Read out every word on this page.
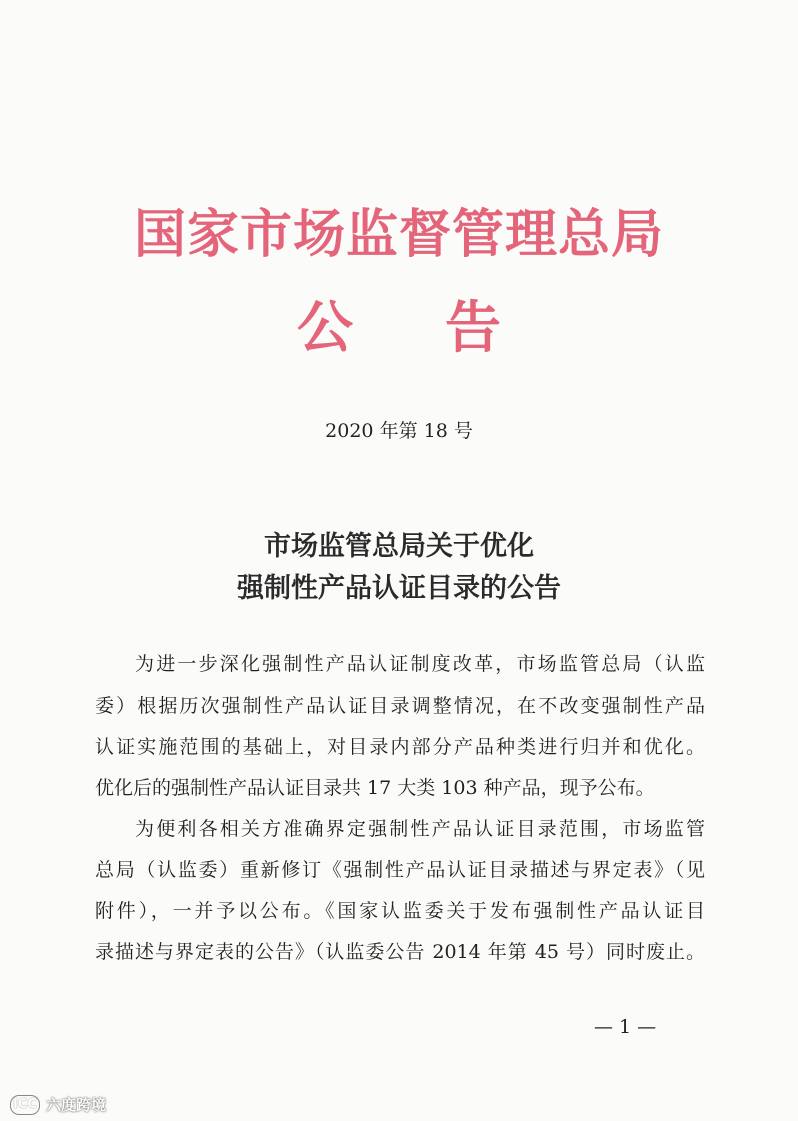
国家市场监督管理总局
公 告
2020 年第 18 号
市场监管总局关于优化
强制性产品认证目录的公告
为进一步深化强制性产品认证制度改革，市场监管总局（认监
委）根据历次强制性产品认证目录调整情况，在不改变强制性产品
认证实施范围的基础上，对目录内部分产品种类进行归并和优化。
优化后的强制性产品认证目录共 17 大类 103 种产品，现予公布。
为便利各相关方准确界定强制性产品认证目录范围，市场监管
总局（认监委）重新修订《强制性产品认证目录描述与界定表》（见
附件），一并予以公布。《国家认监委关于发布强制性产品认证目
录描述与界定表的公告》（认监委公告 2014 年第 45 号）同时废止。
— 1 —
ICC 六度跨境
